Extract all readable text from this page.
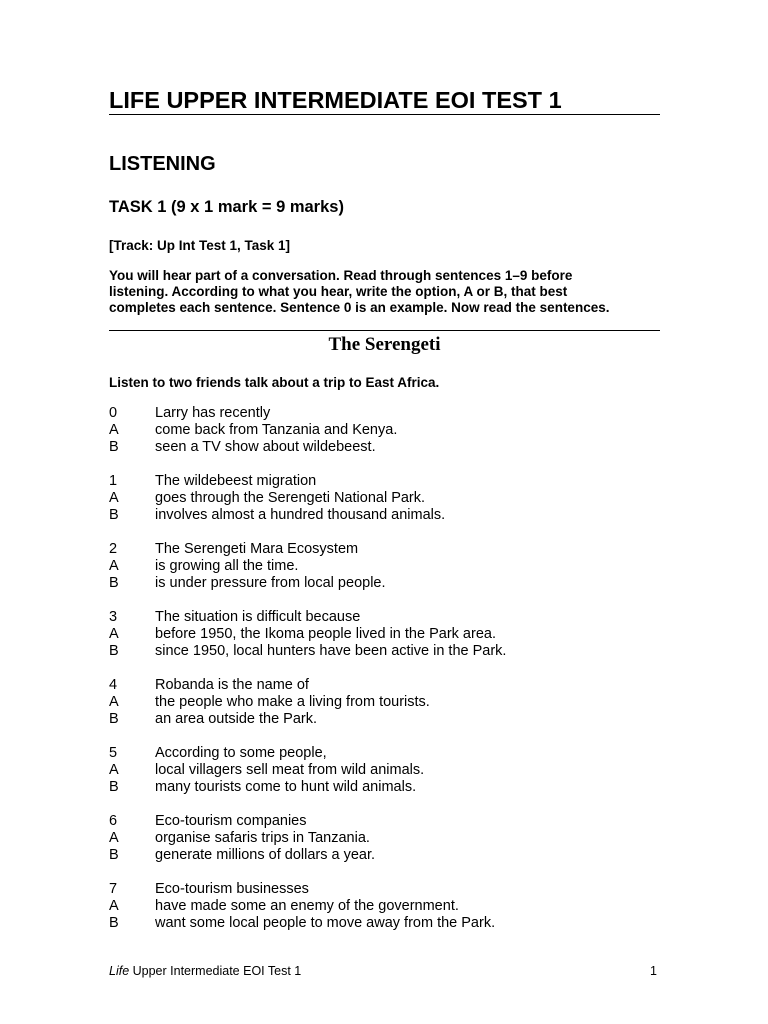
LIFE UPPER INTERMEDIATE EOI TEST 1
LISTENING
TASK 1 (9 x 1 mark = 9 marks)
[Track: Up Int Test 1, Task 1]
You will hear part of a conversation. Read through sentences 1–9 before
listening. According to what you hear, write the option, A or B, that best
completes each sentence. Sentence 0 is an example. Now read the sentences.
The Serengeti
Listen to two friends talk about a trip to East Africa.
0	Larry has recently
A	come back from Tanzania and Kenya.
B	seen a TV show about wildebeest.
1	The wildebeest migration
A	goes through the Serengeti National Park.
B	involves almost a hundred thousand animals.
2	The Serengeti Mara Ecosystem
A	is growing all the time.
B	is under pressure from local people.
3	The situation is difficult because
A	before 1950, the Ikoma people lived in the Park area.
B	since 1950, local hunters have been active in the Park.
4	Robanda is the name of
A	the people who make a living from tourists.
B	an area outside the Park.
5	According to some people,
A	local villagers sell meat from wild animals.
B	many tourists come to hunt wild animals.
6	Eco-tourism companies
A	organise safaris trips in Tanzania.
B	generate millions of dollars a year.
7	Eco-tourism businesses
A	have made some an enemy of the government.
B	want some local people to move away from the Park.
Life Upper Intermediate EOI Test 1	1
